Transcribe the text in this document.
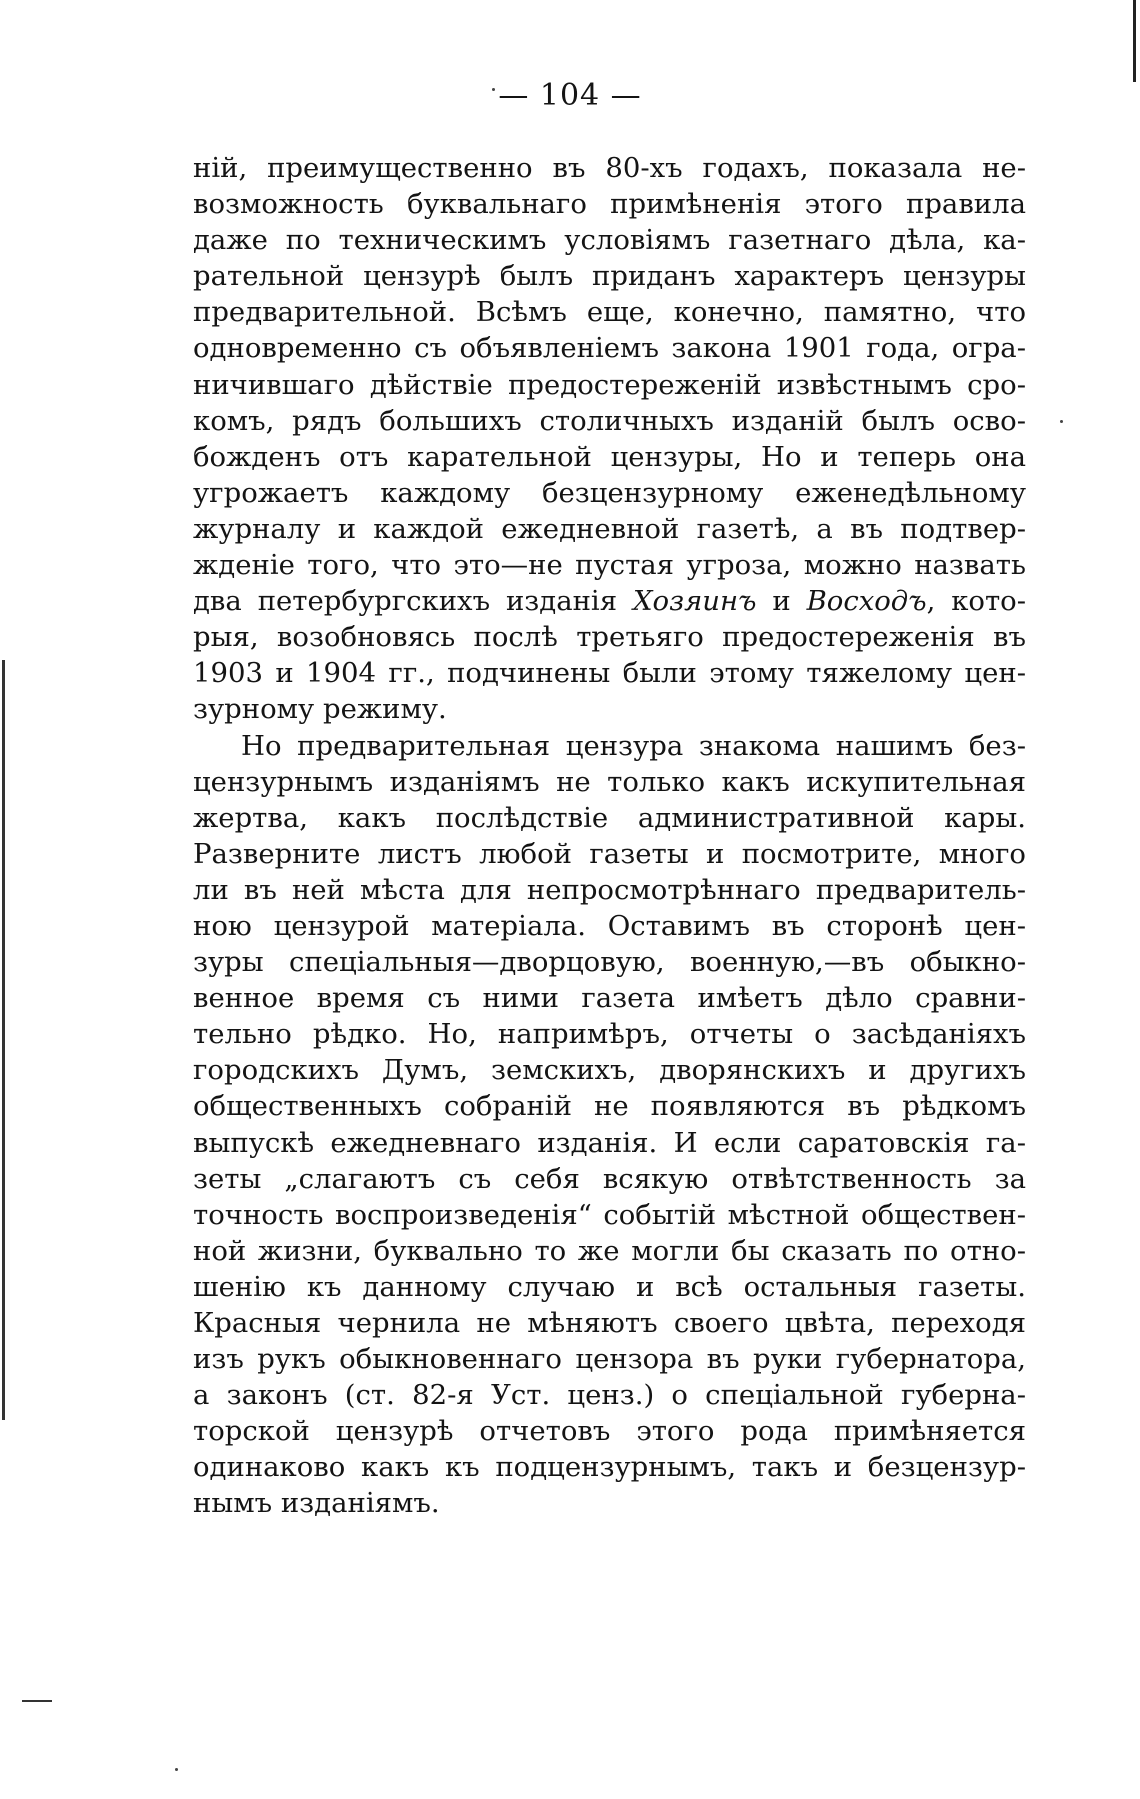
— 104 —
ній, преимущественно въ 80-хъ годахъ, показала не-
возможность буквальнаго примѣненія этого правила
даже по техническимъ условіямъ газетнаго дѣла, ка-
рательной цензурѣ былъ приданъ характеръ цензуры
предварительной. Всѣмъ еще, конечно, памятно, что
одновременно съ объявленіемъ закона 1901 года, огра-
ничившаго дѣйствіе предостереженій извѣстнымъ сро-
комъ, рядъ большихъ столичныхъ изданій былъ осво-
божденъ отъ карательной цензуры, Но и теперь она
угрожаетъ каждому безцензурному еженедѣльному
журналу и каждой ежедневной газетѣ, а въ подтвер-
жденіе того, что это—не пустая угроза, можно назвать
два петербургскихъ изданія Хозяинъ и Восходъ, кото-
рыя, возобновясь послѣ третьяго предостереженія въ
1903 и 1904 гг., подчинены были этому тяжелому цен-
зурному режиму.
Но предварительная цензура знакома нашимъ без-
цензурнымъ изданіямъ не только какъ искупительная
жертва, какъ послѣдствіе административной кары.
Разверните листъ любой газеты и посмотрите, много
ли въ ней мѣста для непросмотрѣннаго предваритель-
ною цензурой матеріала. Оставимъ въ сторонѣ цен-
зуры спеціальныя—дворцовую, военную,—въ обыкно-
венное время съ ними газета имѣетъ дѣло сравни-
тельно рѣдко. Но, напримѣръ, отчеты о засѣданіяхъ
городскихъ Думъ, земскихъ, дворянскихъ и другихъ
общественныхъ собраній не появляются въ рѣдкомъ
выпускѣ ежедневнаго изданія. И если саратовскія га-
зеты „слагаютъ съ себя всякую отвѣтственность за
точность воспроизведенія“ событій мѣстной обществен-
ной жизни, буквально то же могли бы сказать по отно-
шенію къ данному случаю и всѣ остальныя газеты.
Красныя чернила не мѣняютъ своего цвѣта, переходя
изъ рукъ обыкновеннаго цензора въ руки губернатора,
а законъ (ст. 82-я Уст. ценз.) о спеціальной губерна-
торской цензурѣ отчетовъ этого рода примѣняется
одинаково какъ къ подцензурнымъ, такъ и безцензур-
нымъ изданіямъ.
